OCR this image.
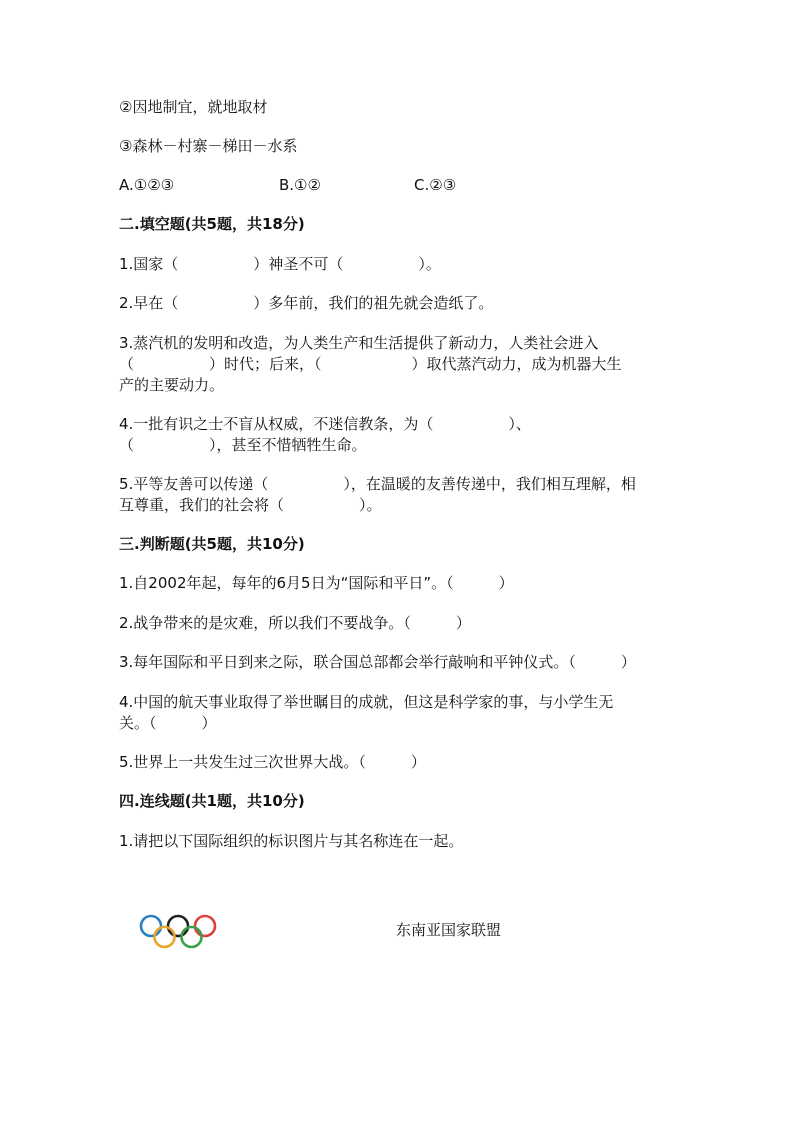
②因地制宜，就地取材

③森林－村寨－梯田－水系

A.①②③	B.①②	C.②③

二.填空题(共5题，共18分)

1.国家（　　　　　）神圣不可（　　　　　）。

2.早在（　　　　　）多年前，我们的祖先就会造纸了。

3.蒸汽机的发明和改造，为人类生产和生活提供了新动力，人类社会进入
（　　　　　）时代；后来，（　　　　　　）取代蒸汽动力，成为机器大生
产的主要动力。

4.一批有识之士不盲从权威，不迷信教条，为（　　　　　）、
（　　　　　），甚至不惜牺牲生命。

5.平等友善可以传递（　　　　　），在温暖的友善传递中，我们相互理解，相
互尊重，我们的社会将（　　　　　）。

三.判断题(共5题，共10分)

1.自2002年起，每年的6月5日为“国际和平日”。（　　　）

2.战争带来的是灾难，所以我们不要战争。（　　　）

3.每年国际和平日到来之际，联合国总部都会举行敲响和平钟仪式。（　　　）

4.中国的航天事业取得了举世瞩目的成就，但这是科学家的事，与小学生无
关。（　　　）

5.世界上一共发生过三次世界大战。（　　　）

四.连线题(共1题，共10分)

1.请把以下国际组织的标识图片与其名称连在一起。

东南亚国家联盟
